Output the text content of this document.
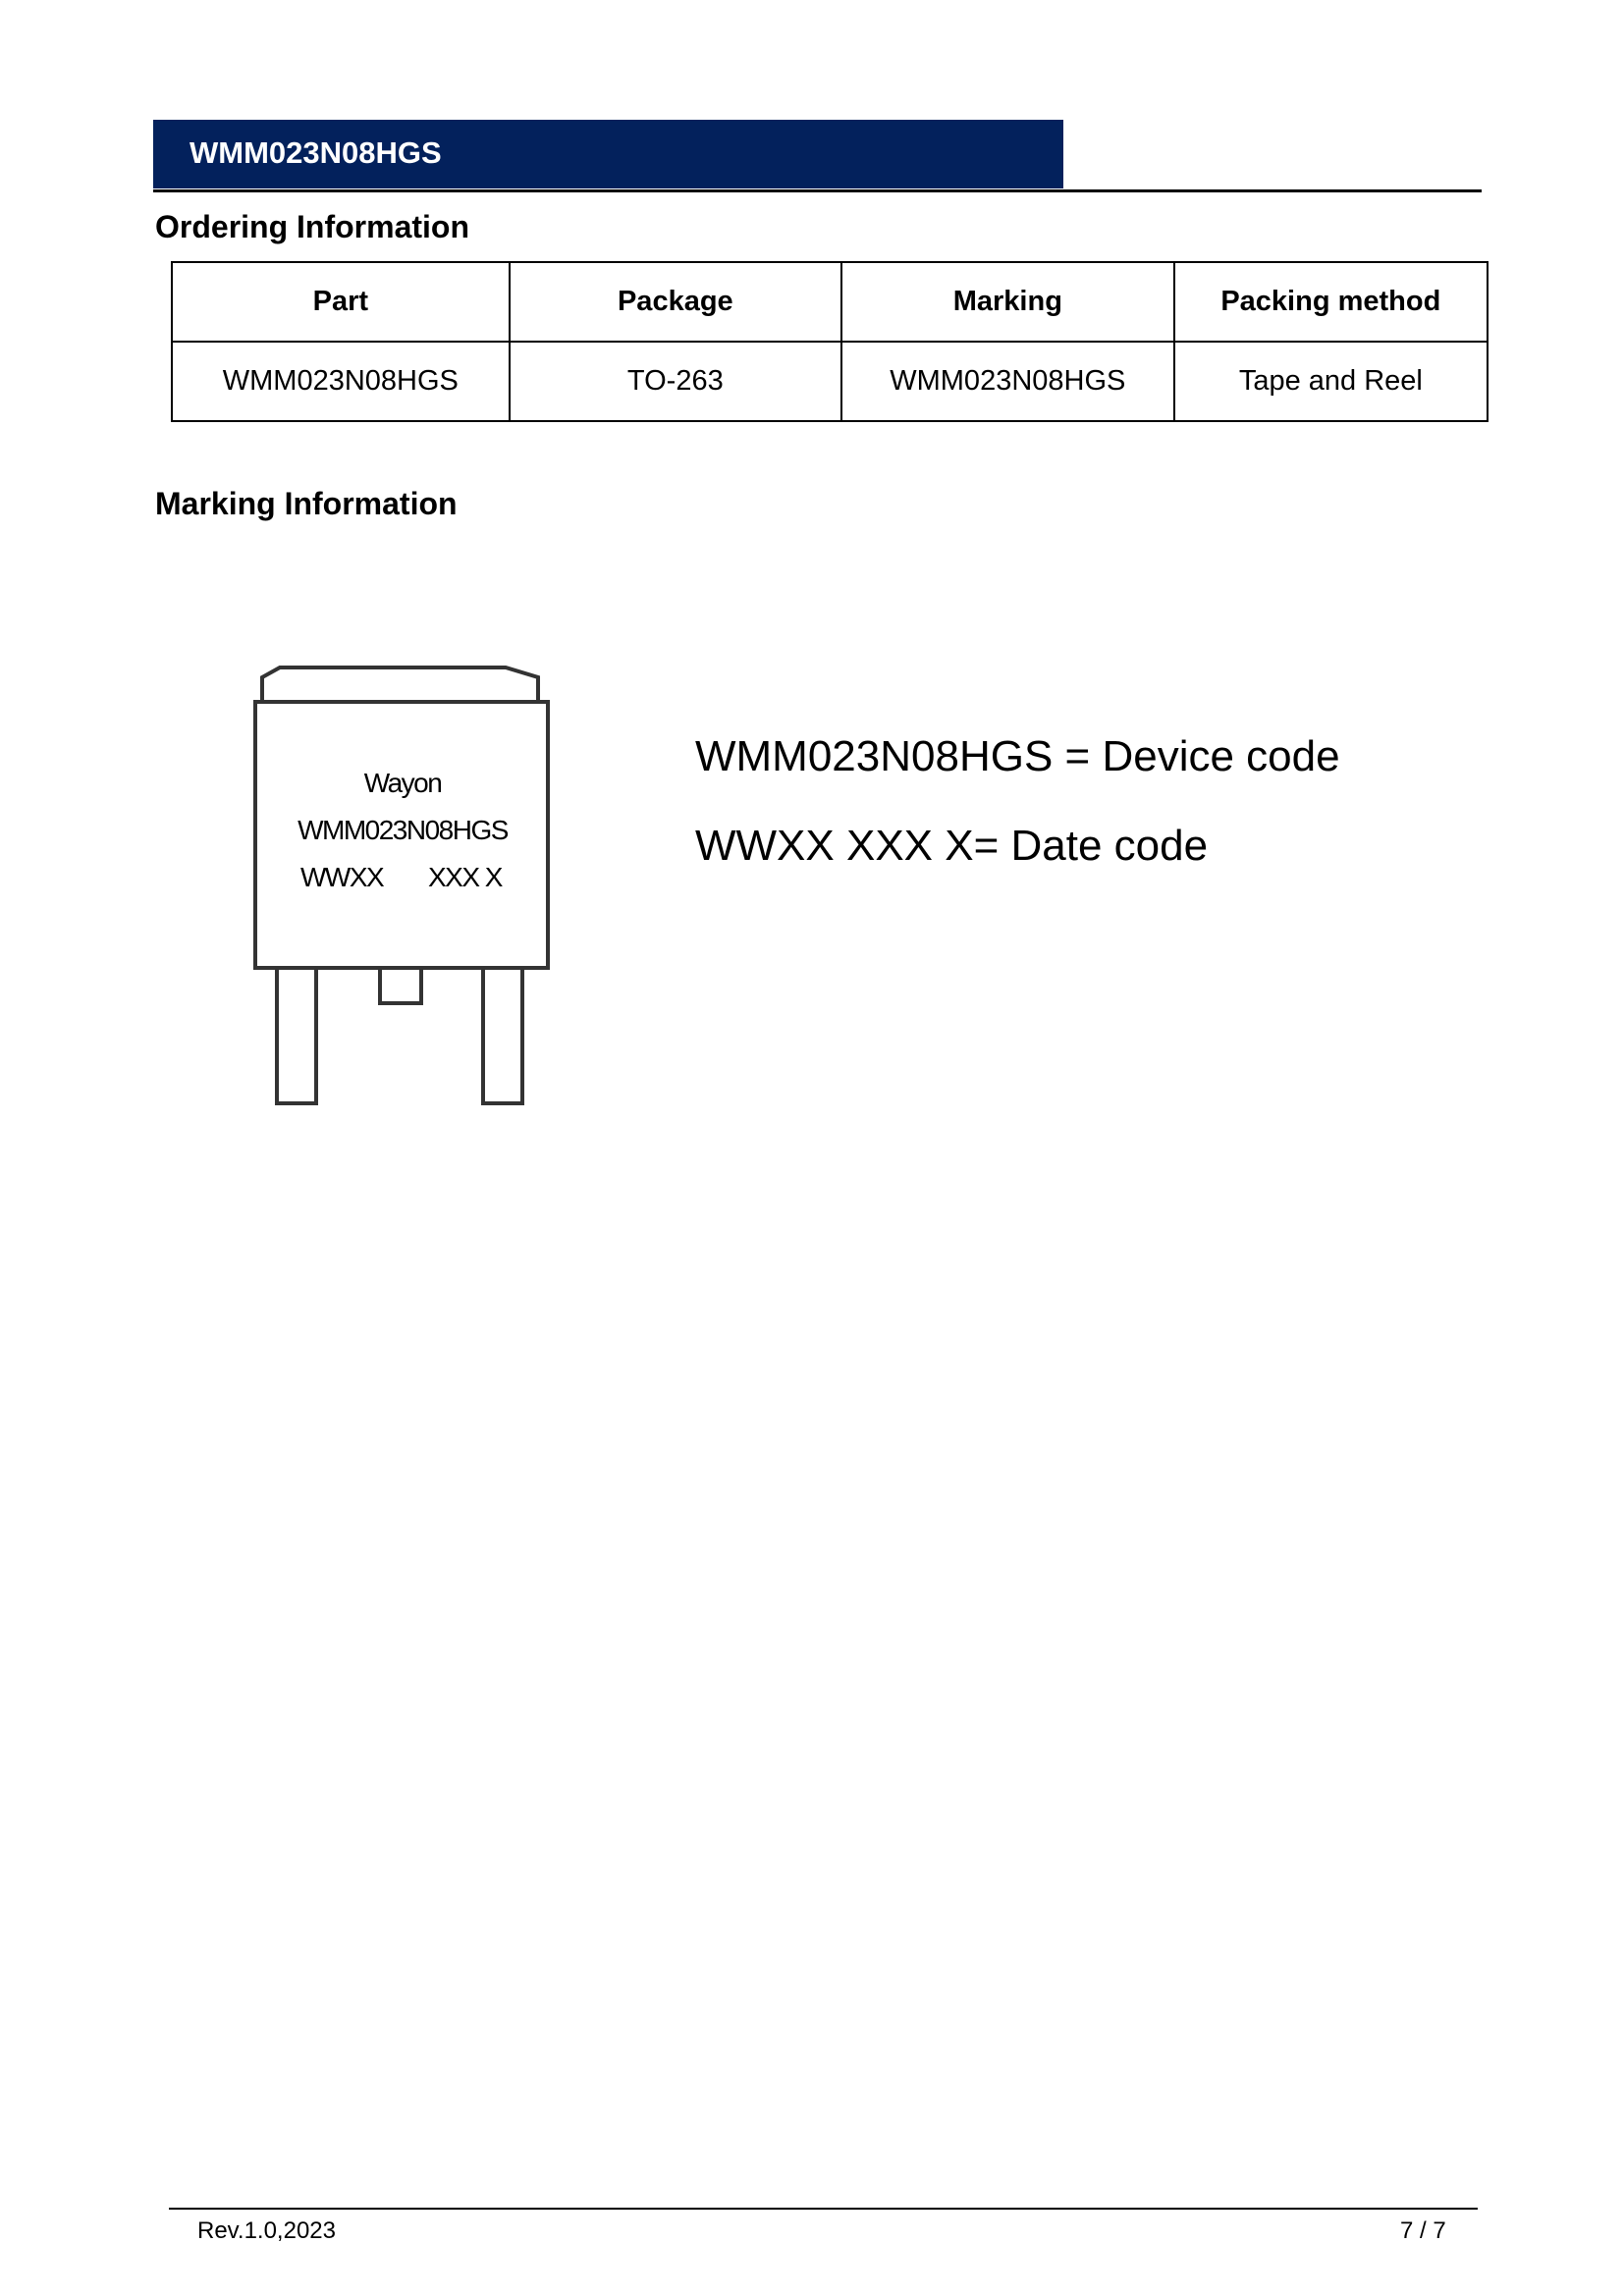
WMM023N08HGS
Ordering Information
Part	Package	Marking	Packing method
WMM023N08HGS	TO-263	WMM023N08HGS	Tape and Reel
Marking Information
Wayon
WMM023N08HGS
WWXX XXX X
WMM023N08HGS = Device code
WWXX XXX X= Date code
Rev.1.0,2023	7 / 7
